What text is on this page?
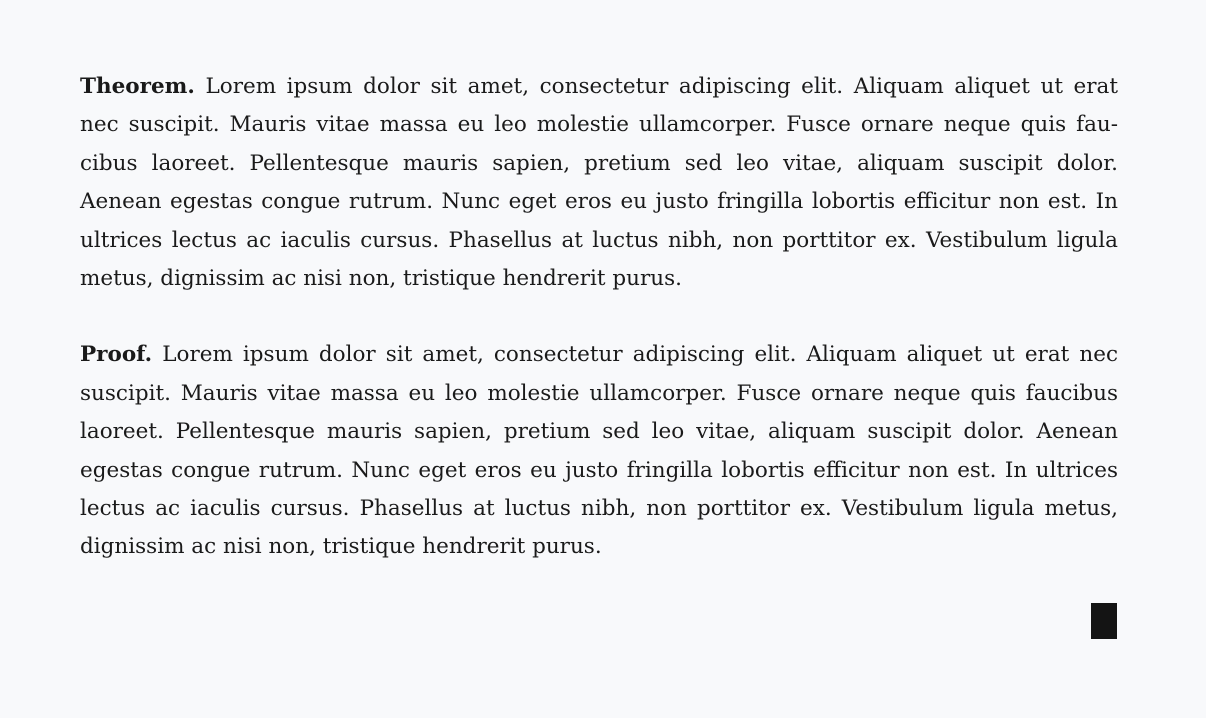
Theorem. Lorem ipsum dolor sit amet, consectetur adipiscing elit. Aliquam aliquet ut erat nec suscipit. Mauris vitae massa eu leo molestie ullamcorper. Fusce ornare neque quis faucibus laoreet. Pellentesque mauris sapien, pretium sed leo vitae, aliquam suscipit dolor. Aenean egestas congue rutrum. Nunc eget eros eu justo fringilla lobortis efficitur non est. In ultrices lectus ac iaculis cursus. Phasellus at luctus nibh, non porttitor ex. Vestibulum ligula metus, dignissim ac nisi non, tristique hendrerit purus.

Proof. Lorem ipsum dolor sit amet, consectetur adipiscing elit. Aliquam aliquet ut erat nec suscipit. Mauris vitae massa eu leo molestie ullamcorper. Fusce ornare neque quis faucibus laoreet. Pellentesque mauris sapien, pretium sed leo vitae, aliquam suscipit dolor. Aenean egestas congue rutrum. Nunc eget eros eu justo fringilla lobortis efficitur non est. In ultrices lectus ac iaculis cursus. Phasellus at luctus nibh, non porttitor ex. Vestibulum ligula metus, dignissim ac nisi non, tristique hendrerit purus.
